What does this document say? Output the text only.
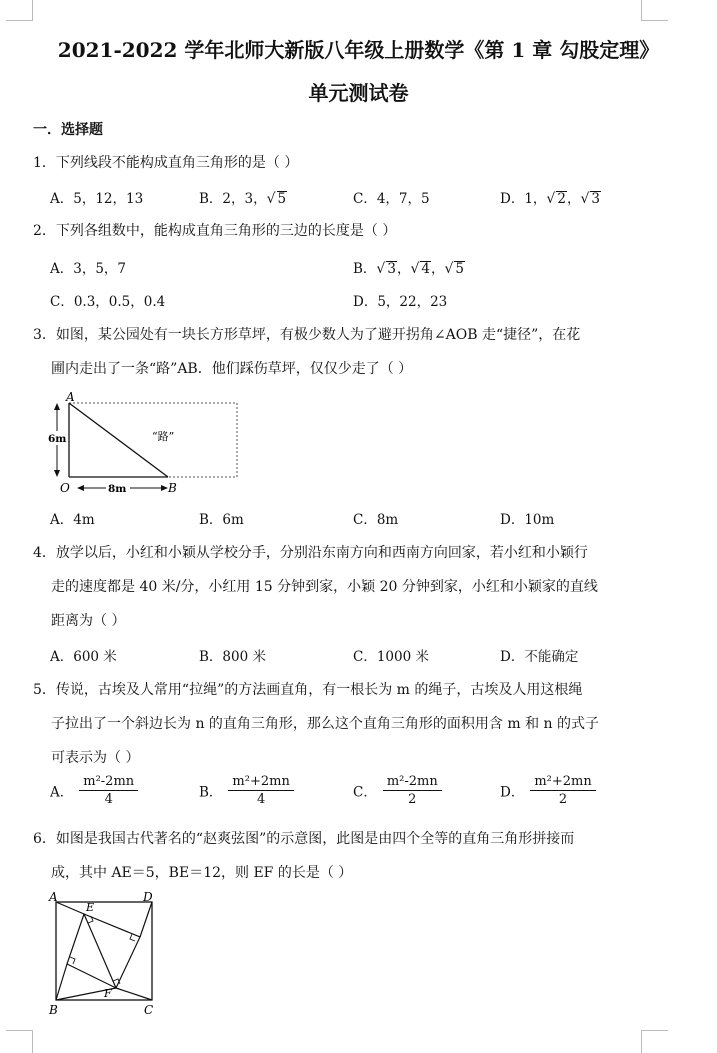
2021-2022 学年北师大新版八年级上册数学《第 1 章 勾股定理》
单元测试卷
一．选择题
1．下列线段不能构成直角三角形的是（ ）
A．5，12，13	B．2，3，√ 5	C．4，7，5	D．1，√ 2，√ 3
2．下列各组数中，能构成直角三角形的三边的长度是（ ）
A．3，5，7	B．√ 3，√ 4，√ 5
C．0.3，0.5，0.4	D．5，22，23
3．如图，某公园处有一块长方形草坪，有极少数人为了避开拐角∠AOB 走“捷径”，在花
圃内走出了一条“路”AB．他们踩伤草坪，仅仅少走了（ ）
A
O	B
6m
8m
“路”
A．4m	B．6m	C．8m	D．10m
4．放学以后，小红和小颖从学校分手，分别沿东南方向和西南方向回家，若小红和小颖行
走的速度都是 40 米/分，小红用 15 分钟到家，小颖 20 分钟到家，小红和小颖家的直线
距离为（ ）
A．600 米	B．800 米	C．1000 米	D．不能确定
5．传说，古埃及人常用“拉绳”的方法画直角，有一根长为 m 的绳子，古埃及人用这根绳
子拉出了一个斜边长为 n 的直角三角形，那么这个直角三角形的面积用含 m 和 n 的式子
可表示为（ ）
A． $\frac{\text{m²-2mn}}{4}$	B． $\frac{\text{m²+2mn}}{4}$	C． $\frac{\text{m²-2mn}}{2}$	D． $\frac{\text{m²+2mn}}{2}$
6．如图是我国古代著名的“赵爽弦图”的示意图，此图是由四个全等的直角三角形拼接而
成，其中 AE＝5，BE＝12，则 EF 的长是（ ）
A	D
E
F
B	C
